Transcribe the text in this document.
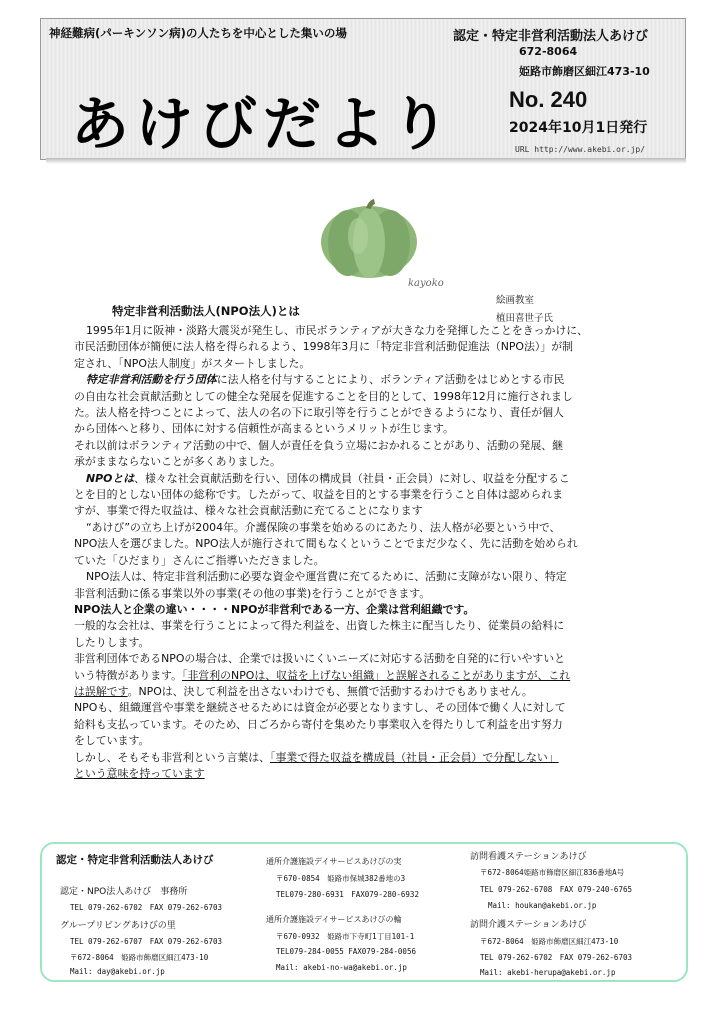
神経難病(パーキンソン病)の人たちを中心とした集いの場
あけびだより
認定・特定非営利活動法人あけび
672-8064
姫路市飾磨区細江473-10
No. 240
2024年10月1日発行
URL http://www.akebi.or.jp/
kayoko
絵画教室
植田喜世子氏
特定非営利活動法人(NPO法人)とは

1995年1月に阪神・淡路大震災が発生し、市民ボランティアが大きな力を発揮したことをきっかけに、

市民活動団体が簡便に法人格を得られるよう、1998年3月に「特定非営利活動促進法（NPO法）」が制

定され、「NPO法人制度」がスタートしました。

特定非営利活動を行う団体に法人格を付与することにより、ボランティア活動をはじめとする市民

の自由な社会貢献活動としての健全な発展を促進することを目的として、1998年12月に施行されまし

た。法人格を持つことによって、法人の名の下に取引等を行うことができるようになり、責任が個人

から団体へと移り、団体に対する信頼性が高まるというメリットが生じます。

それ以前はボランティア活動の中で、個人が責任を負う立場におかれることがあり、活動の発展、継

承がままならないことが多くありました。

NPOとは、様々な社会貢献活動を行い、団体の構成員（社員・正会員）に対し、収益を分配するこ

とを目的としない団体の総称です。したがって、収益を目的とする事業を行うこと自体は認められま

すが、事業で得た収益は、様々な社会貢献活動に充てることになります

“あけび”の立ち上げが2004年。介護保険の事業を始めるのにあたり、法人格が必要という中で、

NPO法人を選びました。NPO法人が施行されて間もなくということでまだ少なく、先に活動を始められ

ていた「ひだまり」さんにご指導いただきました。

NPO法人は、特定非営利活動に必要な資金や運営費に充てるために、活動に支障がない限り、特定

非営利活動に係る事業以外の事業(その他の事業)を行うことができます。

NPO法人と企業の違い・・・・NPOが非営利である一方、企業は営利組織です。

一般的な会社は、事業を行うことによって得た利益を、出資した株主に配当したり、従業員の給料に

したりします。

非営利団体であるNPOの場合は、企業では扱いにくいニーズに対応する活動を自発的に行いやすいと

いう特徴があります。「非営利のNPOは、収益を上げない組織」と誤解されることがありますが、これ

は誤解です。NPOは、決して利益を出さないわけでも、無償で活動するわけでもありません。

NPOも、組織運営や事業を継続させるためには資金が必要となりますし、その団体で働く人に対して

給料も支払っています。そのため、日ごろから寄付を集めたり事業収入を得たりして利益を出す努力

をしています。

しかし、そもそも非営利という言葉は、「事業で得た収益を構成員（社員・正会員）で分配しない」

という意味を持っています

認定・特定非営利活動法人あけび
認定・NPO法人あけび　事務所
TEL 079-262-6702　FAX 079-262-6703
グループリビングあけびの里
TEL 079-262-6707　FAX 079-262-6703
〒672-8064　姫路市飾磨区細江473-10
Mail: day@akebi.or.jp
通所介護施設デイサービスあけびの実
〒670-0854　姫路市保城382番地の3
TEL079-280-6931　FAX079-280-6932
通所介護施設デイサービスあけびの輪
〒670-0932　姫路市下寺町1丁目101-1
TEL079-284-0055 FAX079-284-0056
Mail: akebi-no-wa@akebi.or.jp
訪問看護ステーションあけび
〒672-8064姫路市飾磨区細江836番地A号
TEL 079-262-6708　FAX 079-240-6765
Mail: houkan@akebi.or.jp
訪問介護ステーションあけび
〒672-8064　姫路市飾磨区細江473-10
TEL 079-262-6702　FAX 079-262-6703
Mail: akebi-herupa@akebi.or.jp
